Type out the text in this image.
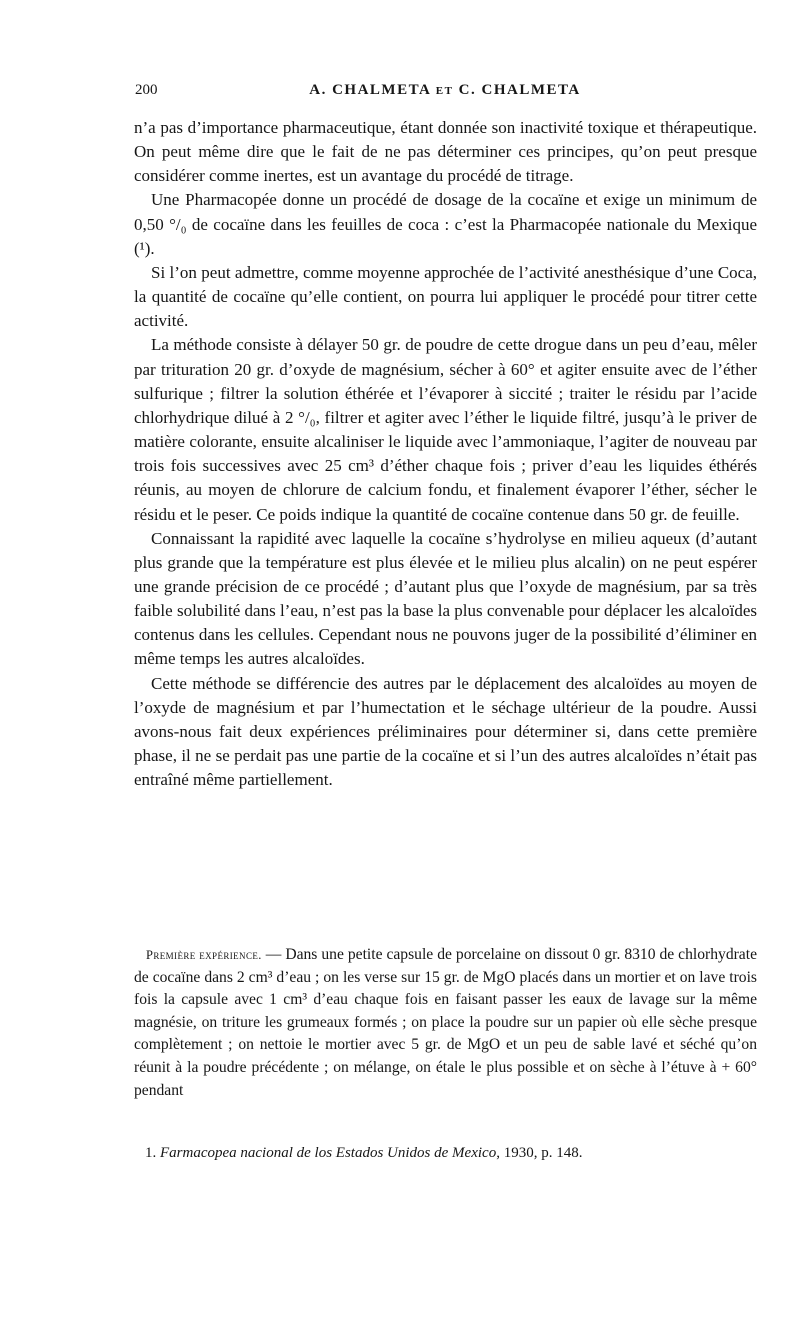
200	A. CHALMETA et C. CHALMETA

n’a pas d’importance pharmaceutique, étant donnée son inactivité toxique et thérapeutique. On peut même dire que le fait de ne pas déterminer ces principes, qu’on peut presque considérer comme inertes, est un avantage du procédé de titrage.

Une Pharmacopée donne un procédé de dosage de la cocaïne et exige un minimum de 0,50 °/₀ de cocaïne dans les feuilles de coca : c’est la Pharmacopée nationale du Mexique (¹).

Si l’on peut admettre, comme moyenne approchée de l’activité anesthésique d’une Coca, la quantité de cocaïne qu’elle contient, on pourra lui appliquer le procédé pour titrer cette activité.

La méthode consiste à délayer 50 gr. de poudre de cette drogue dans un peu d’eau, mêler par trituration 20 gr. d’oxyde de magnésium, sécher à 60° et agiter ensuite avec de l’éther sulfurique ; filtrer la solution éthérée et l’évaporer à siccité ; traiter le résidu par l’acide chlorhydrique dilué à 2 °/₀, filtrer et agiter avec l’éther le liquide filtré, jusqu’à le priver de matière colorante, ensuite alcaliniser le liquide avec l’ammoniaque, l’agiter de nouveau par trois fois successives avec 25 cm³ d’éther chaque fois ; priver d’eau les liquides éthérés réunis, au moyen de chlorure de calcium fondu, et finalement évaporer l’éther, sécher le résidu et le peser. Ce poids indique la quantité de cocaïne contenue dans 50 gr. de feuille.

Connaissant la rapidité avec laquelle la cocaïne s’hydrolyse en milieu aqueux (d’autant plus grande que la température est plus élevée et le milieu plus alcalin) on ne peut espérer une grande précision de ce procédé ; d’autant plus que l’oxyde de magnésium, par sa très faible solubilité dans l’eau, n’est pas la base la plus convenable pour déplacer les alcaloïdes contenus dans les cellules. Cependant nous ne pouvons juger de la possibilité d’éliminer en même temps les autres alcaloïdes.

Cette méthode se différencie des autres par le déplacement des alcaloïdes au moyen de l’oxyde de magnésium et par l’humectation et le séchage ultérieur de la poudre. Aussi avons-nous fait deux expériences préliminaires pour déterminer si, dans cette première phase, il ne se perdait pas une partie de la cocaïne et si l’un des autres alcaloïdes n’était pas entraîné même partiellement.

Première expérience. — Dans une petite capsule de porcelaine on dissout 0 gr. 8310 de chlorhydrate de cocaïne dans 2 cm³ d’eau ; on les verse sur 15 gr. de MgO placés dans un mortier et on lave trois fois la capsule avec 1 cm³ d’eau chaque fois en faisant passer les eaux de lavage sur la même magnésie, on triture les grumeaux formés ; on place la poudre sur un papier où elle sèche presque complètement ; on nettoie le mortier avec 5 gr. de MgO et un peu de sable lavé et séché qu’on réunit à la poudre précédente ; on mélange, on étale le plus possible et on sèche à l’étuve à + 60° pendant

1. Farmacopea nacional de los Estados Unidos de Mexico, 1930, p. 148.
